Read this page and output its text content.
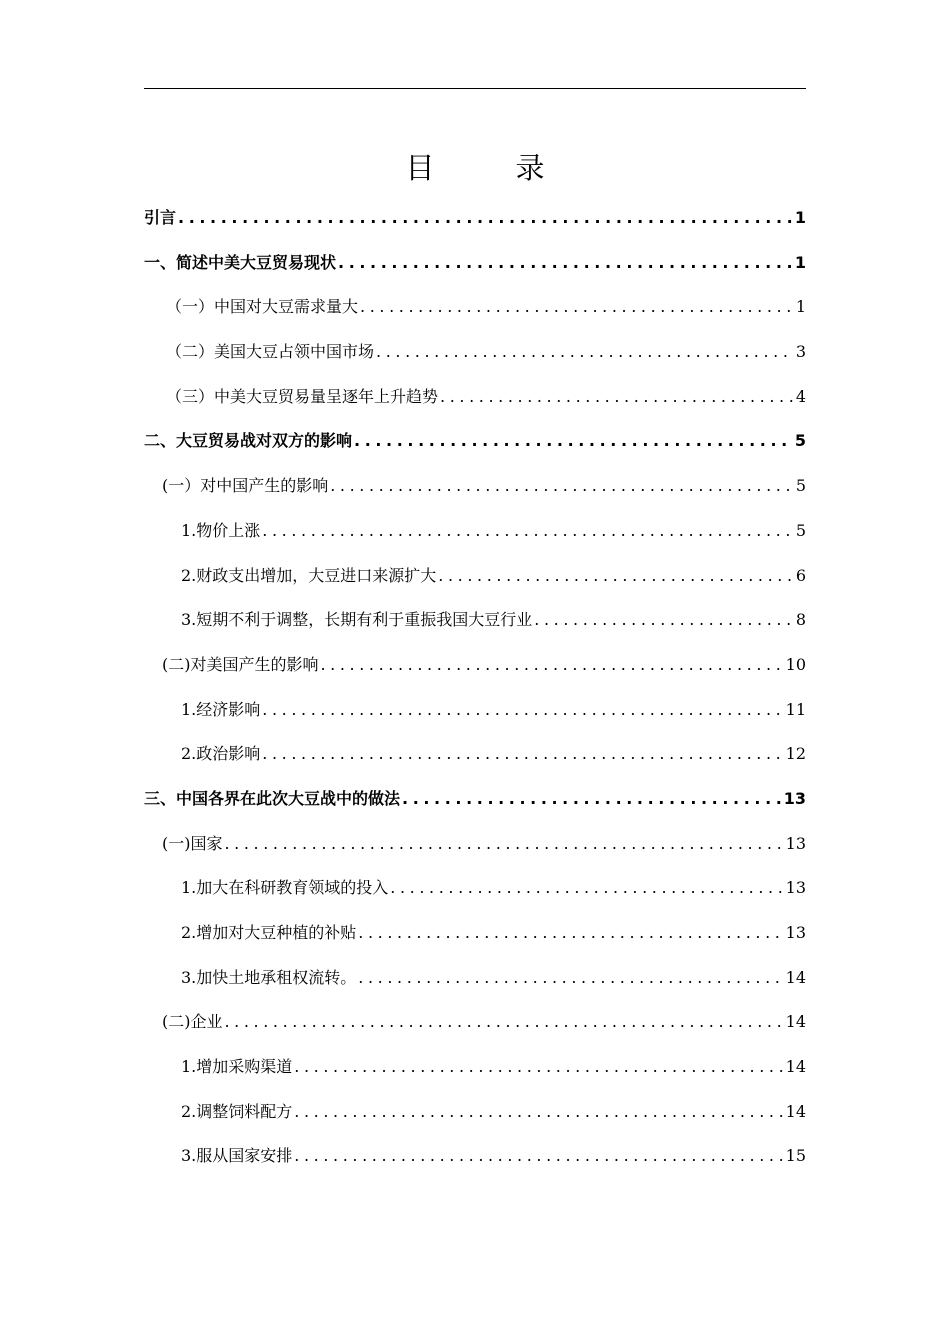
目　录
引言 .....	1
一、简述中美大豆贸易现状 .....	1
（一）中国对大豆需求量大 .....	1
（二）美国大豆占领中国市场 .....	3
（三）中美大豆贸易量呈逐年上升趋势 .....	4
二、大豆贸易战对双方的影响 .....	5
(一）对中国产生的影响 .....	5
1.物价上涨 .....	5
2.财政支出增加，大豆进口来源扩大 .....	6
3.短期不利于调整，长期有利于重振我国大豆行业 .....	8
(二)对美国产生的影响 .....	10
1.经济影响 .....	11
2.政治影响 .....	12
三、中国各界在此次大豆战中的做法 .....	13
(一)国家 .....	13
1.加大在科研教育领域的投入 .....	13
2.增加对大豆种植的补贴 .....	13
3.加快土地承租权流转。 .....	14
(二)企业 .....	14
1.增加采购渠道 .....	14
2.调整饲料配方 .....	14
3.服从国家安排 .....	15
